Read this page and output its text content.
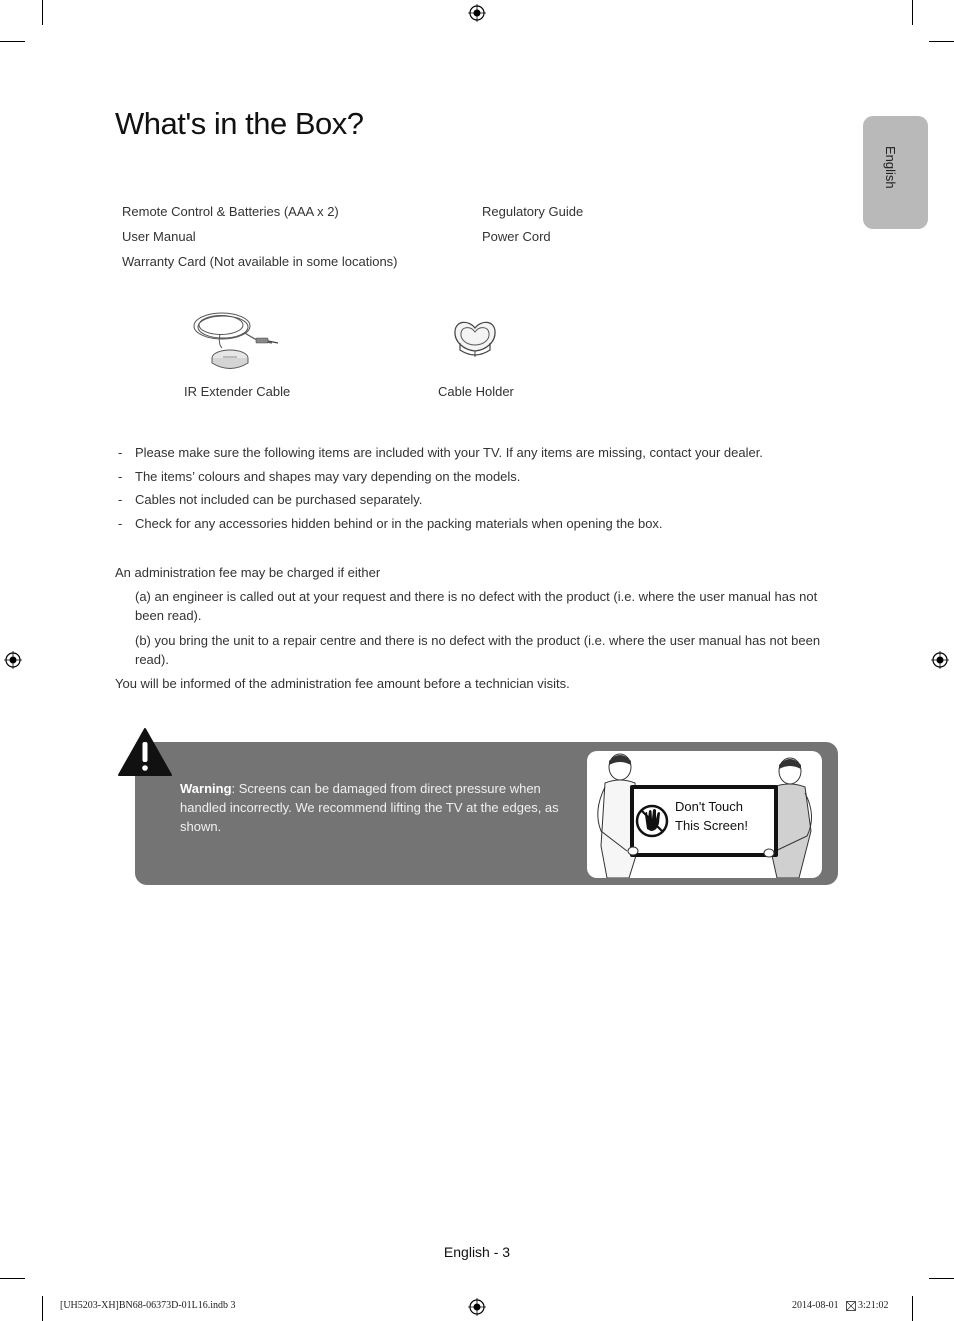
What's in the Box?
English
Remote Control & Batteries (AAA x 2)
User Manual
Warranty Card (Not available in some locations)
Regulatory Guide
Power Cord
IR Extender Cable	Cable Holder
- Please make sure the following items are included with your TV. If any items are missing, contact your dealer.
- The items’ colours and shapes may vary depending on the models.
- Cables not included can be purchased separately.
- Check for any accessories hidden behind or in the packing materials when opening the box.
An administration fee may be charged if either
(a) an engineer is called out at your request and there is no defect with the product (i.e. where the user manual has not
been read).
(b) you bring the unit to a repair centre and there is no defect with the product (i.e. where the user manual has not been
read).
You will be informed of the administration fee amount before a technician visits.
Warning: Screens can be damaged from direct pressure when handled incorrectly. We recommend lifting the TV at the edges, as shown.
Don't Touch
This Screen!
English - 3
[UH5203-XH]BN68-06373D-01L16.indb 3	2014-08-01 3:21:02
